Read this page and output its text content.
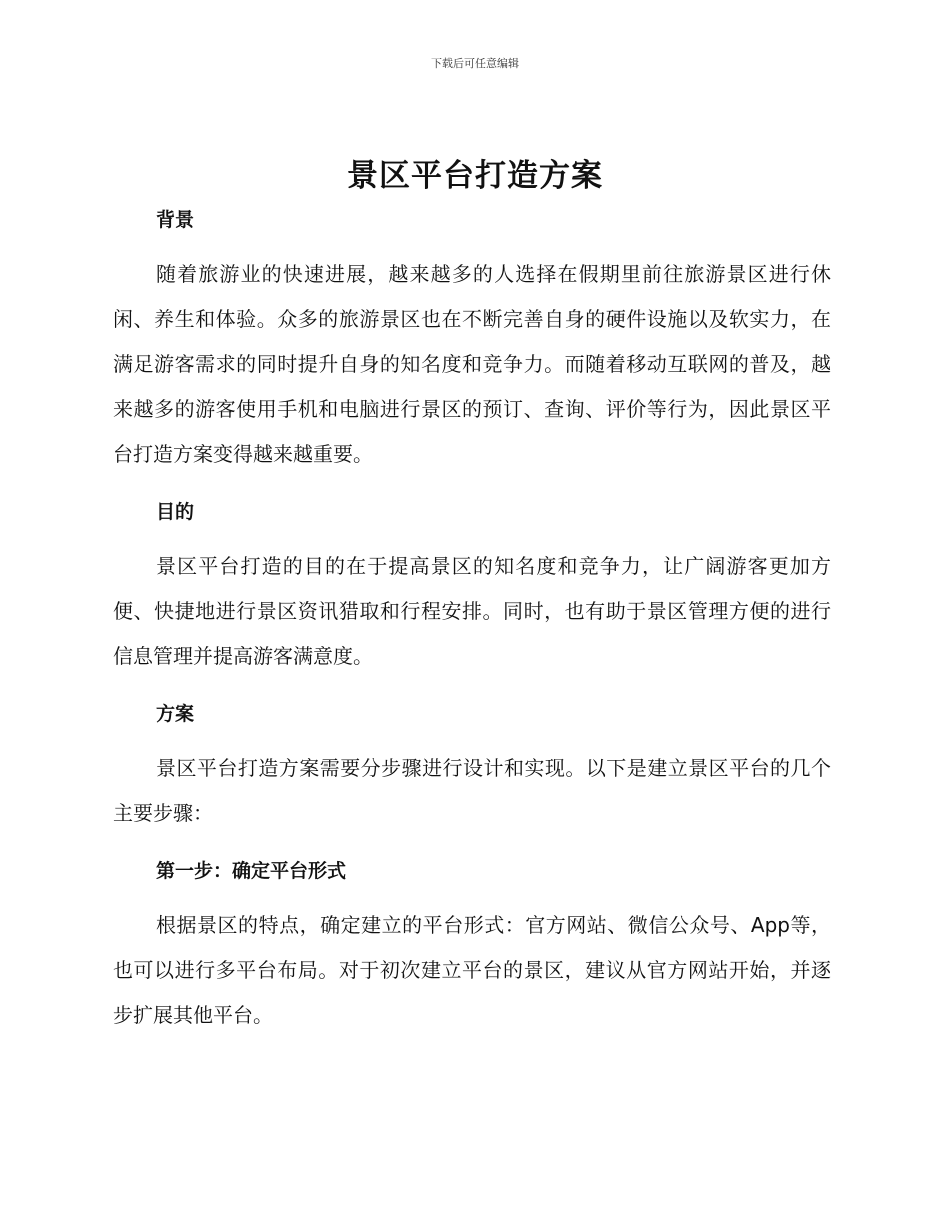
下载后可任意编辑
景区平台打造方案
背景

随着旅游业的快速进展，越来越多的人选择在假期里前往旅游景区进行休闲、养生和体验。众多的旅游景区也在不断完善自身的硬件设施以及软实力，在满足游客需求的同时提升自身的知名度和竞争力。而随着移动互联网的普及，越来越多的游客使用手机和电脑进行景区的预订、查询、评价等行为，因此景区平台打造方案变得越来越重要。

目的

景区平台打造的目的在于提高景区的知名度和竞争力，让广阔游客更加方便、快捷地进行景区资讯猎取和行程安排。同时，也有助于景区管理方便的进行信息管理并提高游客满意度。

方案

景区平台打造方案需要分步骤进行设计和实现。以下是建立景区平台的几个主要步骤：

第一步：确定平台形式

根据景区的特点，确定建立的平台形式：官方网站、微信公众号、App等，也可以进行多平台布局。对于初次建立平台的景区，建议从官方网站开始，并逐步扩展其他平台。
